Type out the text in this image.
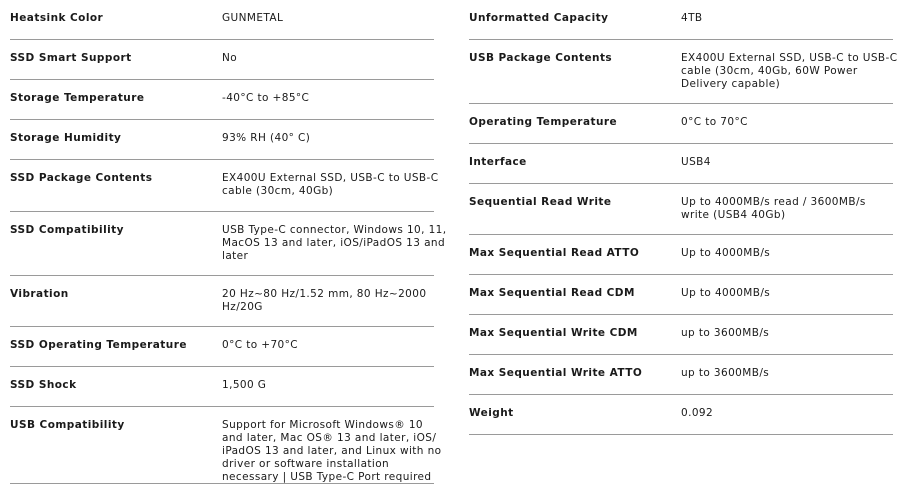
Heatsink Color	GUNMETAL
SSD Smart Support	No
Storage Temperature	-40°C to +85°C
Storage Humidity	93% RH (40° C)
SSD Package Contents	EX400U External SSD, USB-C to USB-C
cable (30cm, 40Gb)
SSD Compatibility	USB Type-C connector, Windows 10, 11,
MacOS 13 and later, iOS/iPadOS 13 and
later
Vibration	20 Hz~80 Hz/1.52 mm, 80 Hz~2000
Hz/20G
SSD Operating Temperature	0°C to +70°C
SSD Shock	1,500 G
USB Compatibility	Support for Microsoft Windows® 10
and later, Mac OS® 13 and later, iOS/
iPadOS 13 and later, and Linux with no
driver or software installation
necessary | USB Type-C Port required
Unformatted Capacity	4TB
USB Package Contents	EX400U External SSD, USB-C to USB-C
cable (30cm, 40Gb, 60W Power
Delivery capable)
Operating Temperature	0°C to 70°C
Interface	USB4
Sequential Read Write	Up to 4000MB/s read / 3600MB/s
write (USB4 40Gb)
Max Sequential Read ATTO	Up to 4000MB/s
Max Sequential Read CDM	Up to 4000MB/s
Max Sequential Write CDM	up to 3600MB/s
Max Sequential Write ATTO	up to 3600MB/s
Weight	0.092
